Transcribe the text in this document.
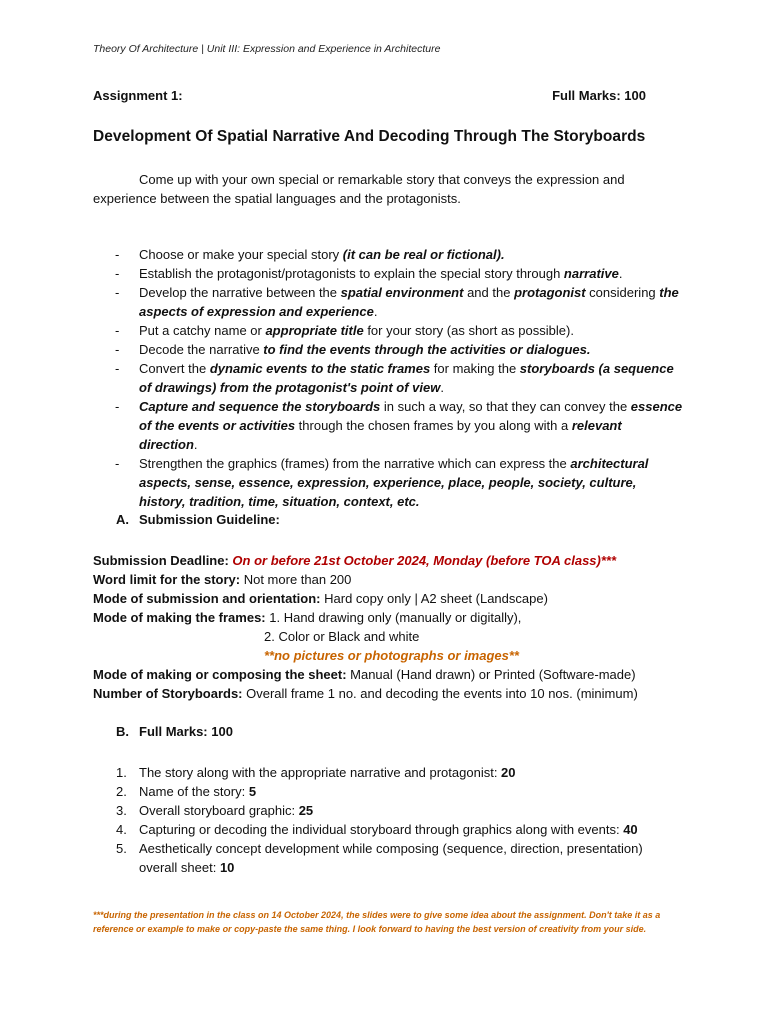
Theory Of Architecture | Unit III: Expression and Experience in Architecture
Assignment 1:	Full Marks: 100
Development Of Spatial Narrative And Decoding Through The Storyboards
Come up with your own special or remarkable story that conveys the expression and experience between the spatial languages and the protagonists.
- Choose or make your special story (it can be real or fictional).
- Establish the protagonist/protagonists to explain the special story through narrative.
- Develop the narrative between the spatial environment and the protagonist considering the aspects of expression and experience.
- Put a catchy name or appropriate title for your story (as short as possible).
- Decode the narrative to find the events through the activities or dialogues.
- Convert the dynamic events to the static frames for making the storyboards (a sequence of drawings) from the protagonist's point of view.
- Capture and sequence the storyboards in such a way, so that they can convey the essence of the events or activities through the chosen frames by you along with a relevant direction.
- Strengthen the graphics (frames) from the narrative which can express the architectural aspects, sense, essence, expression, experience, place, people, society, culture, history, tradition, time, situation, context, etc.
A. Submission Guideline:
Submission Deadline: On or before 21st October 2024, Monday (before TOA class)***
Word limit for the story: Not more than 200
Mode of submission and orientation: Hard copy only | A2 sheet (Landscape)
Mode of making the frames: 1. Hand drawing only (manually or digitally),
2. Color or Black and white
**no pictures or photographs or images**
Mode of making or composing the sheet: Manual (Hand drawn) or Printed (Software-made)
Number of Storyboards: Overall frame 1 no. and decoding the events into 10 nos. (minimum)
B. Full Marks: 100
1. The story along with the appropriate narrative and protagonist: 20
2. Name of the story: 5
3. Overall storyboard graphic: 25
4. Capturing or decoding the individual storyboard through graphics along with events: 40
5. Aesthetically concept development while composing (sequence, direction, presentation) overall sheet: 10
***during the presentation in the class on 14 October 2024, the slides were to give some idea about the assignment. Don't take it as a reference or example to make or copy-paste the same thing. I look forward to having the best version of creativity from your side.
